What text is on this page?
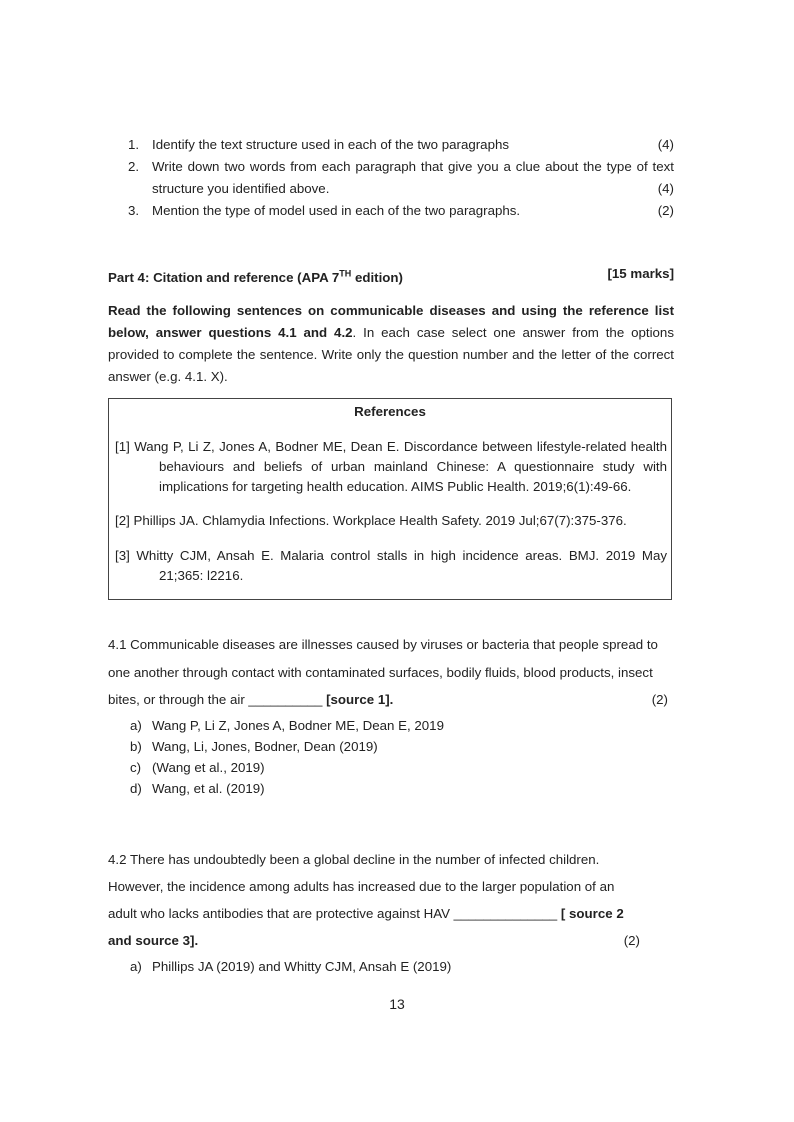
1. Identify the text structure used in each of the two paragraphs	(4)
2. Write down two words from each paragraph that give you a clue about the type of text structure you identified above.	(4)
3. Mention the type of model used in each of the two paragraphs.	(2)
Part 4: Citation and reference (APA 7TH edition)	[15 marks]
Read the following sentences on communicable diseases and using the reference list below, answer questions 4.1 and 4.2. In each case select one answer from the options provided to complete the sentence. Write only the question number and the letter of the correct answer (e.g. 4.1. X).
References
[1] Wang P, Li Z, Jones A, Bodner ME, Dean E. Discordance between lifestyle-related health behaviours and beliefs of urban mainland Chinese: A questionnaire study with implications for targeting health education. AIMS Public Health. 2019;6(1):49-66.
[2] Phillips JA. Chlamydia Infections. Workplace Health Safety. 2019 Jul;67(7):375-376.
[3] Whitty CJM, Ansah E. Malaria control stalls in high incidence areas. BMJ. 2019 May 21;365: l2216.
4.1 Communicable diseases are illnesses caused by viruses or bacteria that people spread to one another through contact with contaminated surfaces, bodily fluids, blood products, insect bites, or through the air __________ [source 1].	(2)
a) Wang P, Li Z, Jones A, Bodner ME, Dean E, 2019
b) Wang, Li, Jones, Bodner, Dean (2019)
c) (Wang et al., 2019)
d) Wang, et al. (2019)
4.2 There has undoubtedly been a global decline in the number of infected children. However, the incidence among adults has increased due to the larger population of an adult who lacks antibodies that are protective against HAV ______________ [ source 2 and source 3].	(2)
a) Phillips JA (2019) and Whitty CJM, Ansah E (2019)
13
